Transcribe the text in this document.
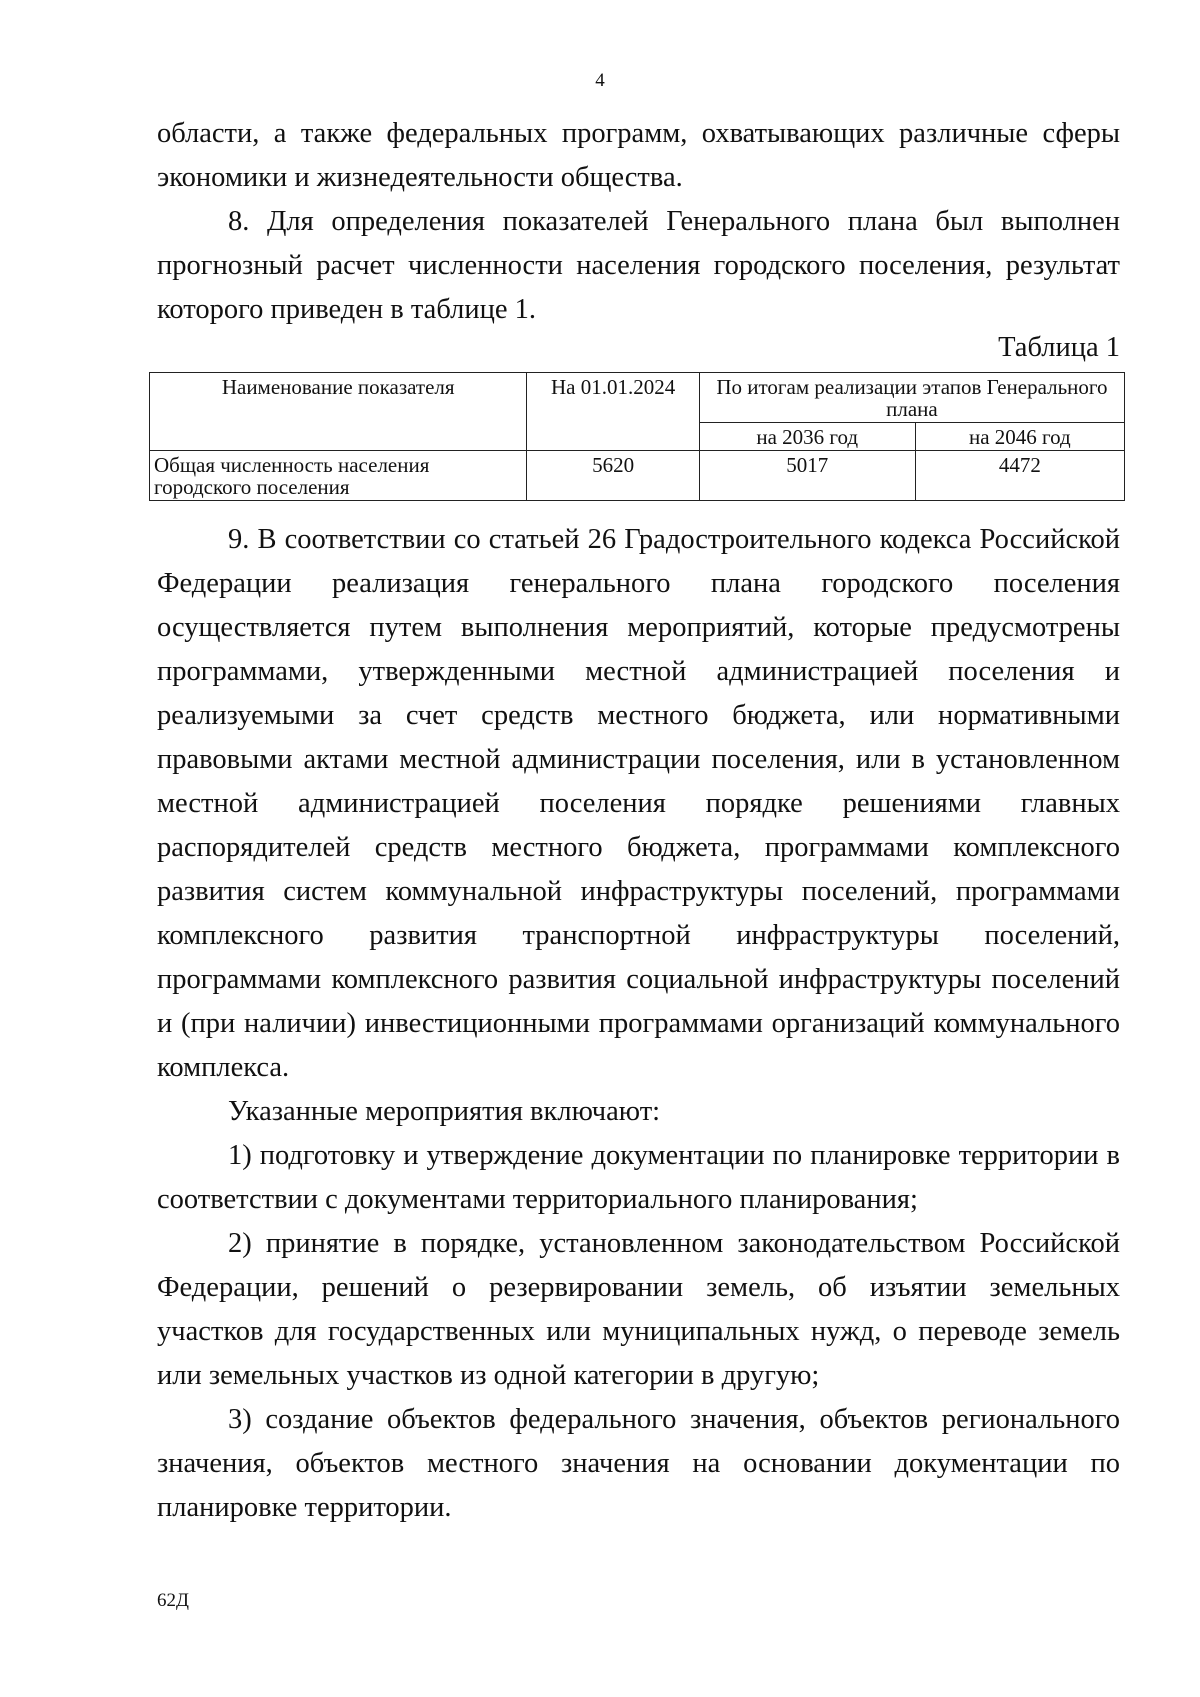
4

области, а также федеральных программ, охватывающих различные сферы экономики и жизнедеятельности общества.

8. Для определения показателей Генерального плана был выполнен прогнозный расчет численности населения городского поселения, результат которого приведен в таблице 1.

Таблица 1
Наименование показателя	На 01.01.2024	По итогам реализации этапов Генерального плана	
		на 2036 год	на 2046 год
Общая численность населения городского поселения	5620	5017	4472

9. В соответствии со статьей 26 Градостроительного кодекса Российской Федерации реализация генерального плана городского поселения осуществляется путем выполнения мероприятий, которые предусмотрены программами, утвержденными местной администрацией поселения и реализуемыми за счет средств местного бюджета, или нормативными правовыми актами местной администрации поселения, или в установленном местной администрацией поселения порядке решениями главных распорядителей средств местного бюджета, программами комплексного развития систем коммунальной инфраструктуры поселений, программами комплексного развития транспортной инфраструктуры поселений, программами комплексного развития социальной инфраструктуры поселений и (при наличии) инвестиционными программами организаций коммунального комплекса.

Указанные мероприятия включают:

1) подготовку и утверждение документации по планировке территории в соответствии с документами территориального планирования;

2) принятие в порядке, установленном законодательством Российской Федерации, решений о резервировании земель, об изъятии земельных участков для государственных или муниципальных нужд, о переводе земель или земельных участков из одной категории в другую;

3) создание объектов федерального значения, объектов регионального значения, объектов местного значения на основании документации по планировке территории.

62Д
